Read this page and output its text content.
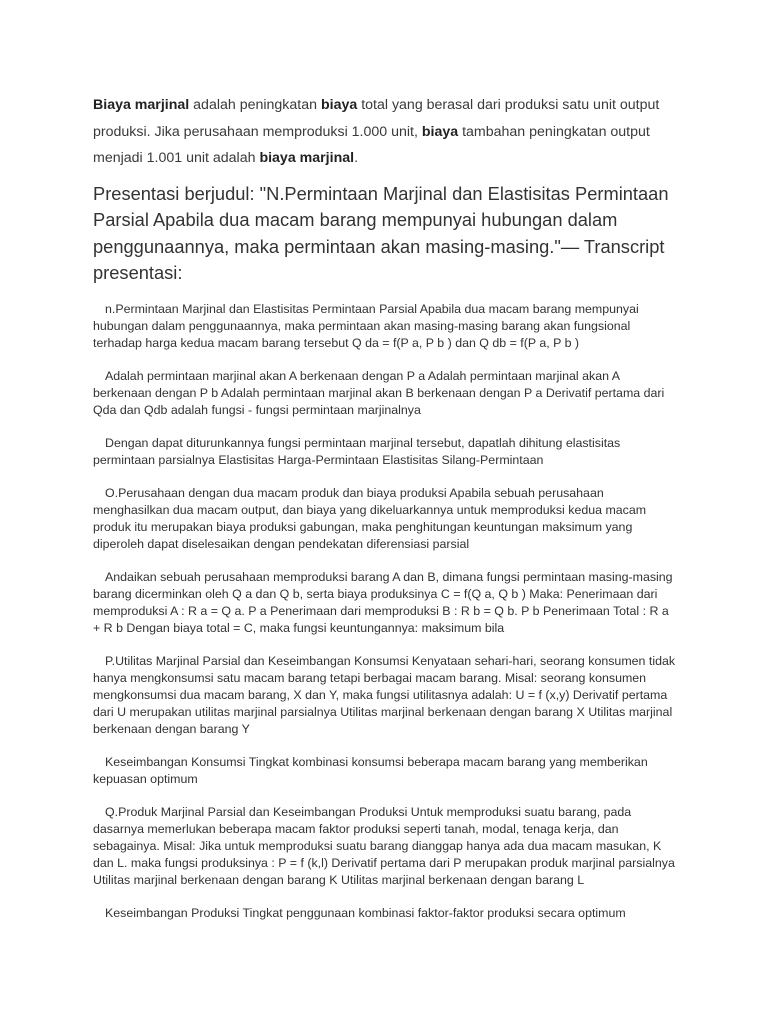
Biaya marjinal adalah peningkatan biaya total yang berasal dari produksi satu unit output produksi. Jika perusahaan memproduksi 1.000 unit, biaya tambahan peningkatan output menjadi 1.001 unit adalah biaya marjinal.

Presentasi berjudul: "N.Permintaan Marjinal dan Elastisitas Permintaan Parsial Apabila dua macam barang mempunyai hubungan dalam penggunaannya, maka permintaan akan masing-masing."— Transcript presentasi:

n.Permintaan Marjinal dan Elastisitas Permintaan Parsial Apabila dua macam barang mempunyai hubungan dalam penggunaannya, maka permintaan akan masing-masing barang akan fungsional terhadap harga kedua macam barang tersebut Q da = f(P a, P b ) dan Q db = f(P a, P b )

Adalah permintaan marjinal akan A berkenaan dengan P a Adalah permintaan marjinal akan A berkenaan dengan P b Adalah permintaan marjinal akan B berkenaan dengan P a Derivatif pertama dari Qda dan Qdb adalah fungsi - fungsi permintaan marjinalnya

Dengan dapat diturunkannya fungsi permintaan marjinal tersebut, dapatlah dihitung elastisitas permintaan parsialnya Elastisitas Harga-Permintaan Elastisitas Silang-Permintaan

O.Perusahaan dengan dua macam produk dan biaya produksi Apabila sebuah perusahaan menghasilkan dua macam output, dan biaya yang dikeluarkannya untuk memproduksi kedua macam produk itu merupakan biaya produksi gabungan, maka penghitungan keuntungan maksimum yang diperoleh dapat diselesaikan dengan pendekatan diferensiasi parsial

Andaikan sebuah perusahaan memproduksi barang A dan B, dimana fungsi permintaan masing-masing barang dicerminkan oleh Q a dan Q b, serta biaya produksinya C = f(Q a, Q b ) Maka: Penerimaan dari memproduksi A : R a = Q a. P a Penerimaan dari memproduksi B : R b = Q b. P b Penerimaan Total : R a + R b Dengan biaya total = C, maka fungsi keuntungannya: maksimum bila

P.Utilitas Marjinal Parsial dan Keseimbangan Konsumsi Kenyataan sehari-hari, seorang konsumen tidak hanya mengkonsumsi satu macam barang tetapi berbagai macam barang. Misal: seorang konsumen mengkonsumsi dua macam barang, X dan Y, maka fungsi utilitasnya adalah: U = f (x,y) Derivatif pertama dari U merupakan utilitas marjinal parsialnya Utilitas marjinal berkenaan dengan barang X Utilitas marjinal berkenaan dengan barang Y

Keseimbangan Konsumsi Tingkat kombinasi konsumsi beberapa macam barang yang memberikan kepuasan optimum

Q.Produk Marjinal Parsial dan Keseimbangan Produksi Untuk memproduksi suatu barang, pada dasarnya memerlukan beberapa macam faktor produksi seperti tanah, modal, tenaga kerja, dan sebagainya. Misal: Jika untuk memproduksi suatu barang dianggap hanya ada dua macam masukan, K dan L. maka fungsi produksinya : P = f (k,l) Derivatif pertama dari P merupakan produk marjinal parsialnya Utilitas marjinal berkenaan dengan barang K Utilitas marjinal berkenaan dengan barang L

Keseimbangan Produksi Tingkat penggunaan kombinasi faktor-faktor produksi secara optimum
